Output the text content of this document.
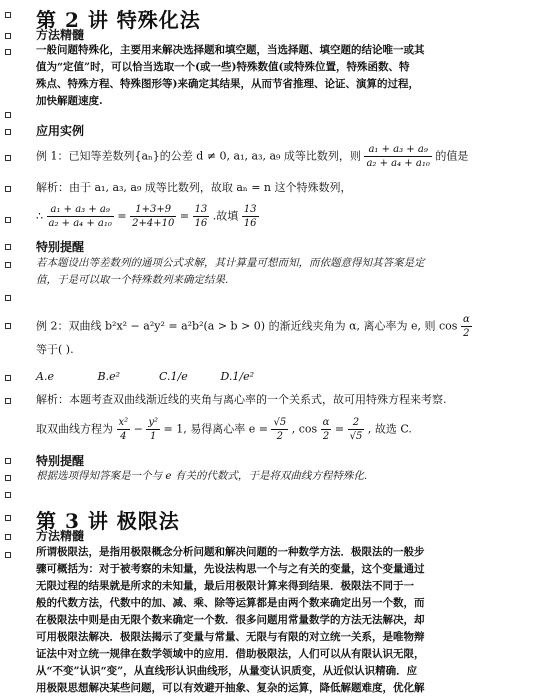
第 2 讲 特殊化法
方法精髓
一般问题特殊化，主要用来解决选择题和填空题，当选择题、填空题的结论唯一或其
值为“定值”时，可以恰当选取一个(或一些)特殊数值(或特殊位置，特殊函数、特
殊点、特殊方程、特殊图形等)来确定其结果，从而节省推理、论证、演算的过程，
加快解题速度.
应用实例
例 1：已知等差数列{aₙ}的公差 d ≠ 0, a₁, a₃, a₉ 成等比数列，则 $\frac{\text{a₁ + a₃ + a₉}}{\text{a₂ + a₄ + a₁₀}}$ 的值是
解析：由于 a₁, a₃, a₉ 成等比数列，故取 aₙ = n 这个特殊数列，
∴ $\frac{\text{a₁ + a₃ + a₉}}{\text{a₂ + a₄ + a₁₀}} = \frac{1+3+9}{2+4+10} = \frac{13}{16}$ .故填 $\frac{13}{16}$
特别提醒
若本题设出等差数列的通项公式求解，其计算量可想而知，而依题意得知其答案是定
值，于是可以取一个特殊数列来确定结果.
例 2：双曲线 b²x² − a²y² = a²b²(a > b > 0) 的渐近线夹角为 α, 离心率为 e, 则 $\cos \frac{\alpha}{2}$
等于( ).
A.e	B.e²	C.1/e	D.1/e²
解析：本题考查双曲线渐近线的夹角与离心率的一个关系式，故可用特殊方程来考察.
取双曲线方程为 $\frac{\text{x²}}{4} - \frac{\text{y²}}{1} = 1$, 易得离心率 $e = \frac{√5}{2}$ , $\cos \frac{\alpha}{2} = \frac{2}{√5}$ , 故选 C.
特别提醒
根据选项得知答案是一个与 e 有关的代数式，于是将双曲线方程特殊化.
第 3 讲 极限法
方法精髓
所谓极限法，是指用极限概念分析问题和解决问题的一种数学方法．极限法的一般步
骤可概括为：对于被考察的未知量，先设法构思一个与之有关的变量，这个变量通过
无限过程的结果就是所求的未知量，最后用极限计算来得到结果．极限法不同于一
般的代数方法，代数中的加、减、乘、除等运算都是由两个数来确定出另一个数，而
在极限法中则是由无限个数来确定一个数．很多问题用常量数学的方法无法解决，却
可用极限法解决．极限法揭示了变量与常量、无限与有限的对立统一关系，是唯物辩
证法中对立统一规律在数学领域中的应用．借助极限法，人们可以从有限认识无限，
从“不变”认识“变”，从直线形认识曲线形，从量变认识质变，从近似认识精确．应
用极限思想解决某些问题，可以有效避开抽象、复杂的运算，降低解题难度，优化解
